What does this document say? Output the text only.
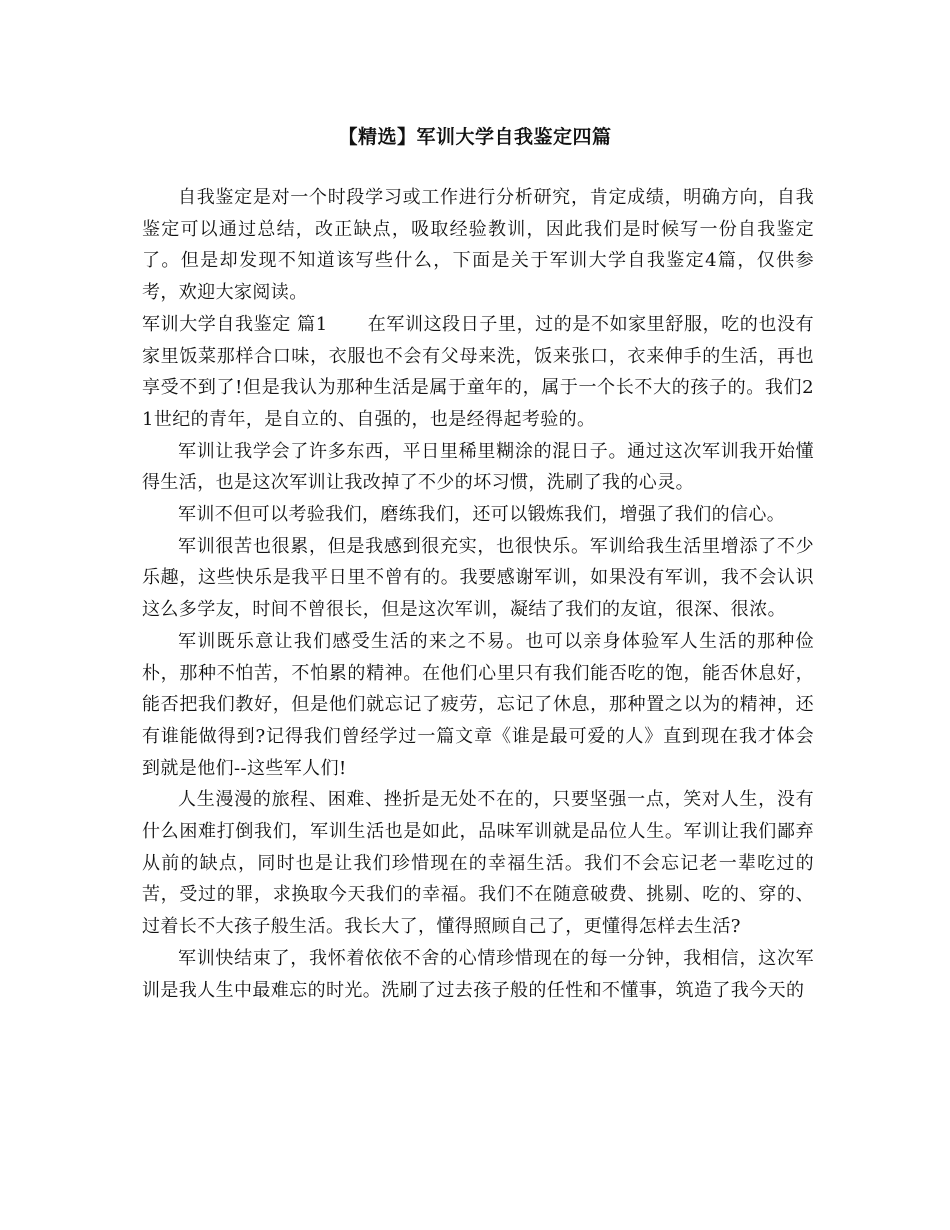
【精选】军训大学自我鉴定四篇

自我鉴定是对一个时段学习或工作进行分析研究，肯定成绩，明确方向，自我鉴定可以通过总结，改正缺点，吸取经验教训，因此我们是时候写一份自我鉴定了。但是却发现不知道该写些什么，下面是关于军训大学自我鉴定4篇，仅供参考，欢迎大家阅读。

军训大学自我鉴定 篇1 在军训这段日子里，过的是不如家里舒服，吃的也没有家里饭菜那样合口味，衣服也不会有父母来洗，饭来张口，衣来伸手的生活，再也享受不到了!但是我认为那种生活是属于童年的，属于一个长不大的孩子的。我们21世纪的青年，是自立的、自强的，也是经得起考验的。

军训让我学会了许多东西，平日里稀里糊涂的混日子。通过这次军训我开始懂得生活，也是这次军训让我改掉了不少的坏习惯，洗刷了我的心灵。

军训不但可以考验我们，磨练我们，还可以锻炼我们，增强了我们的信心。

军训很苦也很累，但是我感到很充实，也很快乐。军训给我生活里增添了不少乐趣，这些快乐是我平日里不曾有的。我要感谢军训，如果没有军训，我不会认识这么多学友，时间不曾很长，但是这次军训，凝结了我们的友谊，很深、很浓。

军训既乐意让我们感受生活的来之不易。也可以亲身体验军人生活的那种俭朴，那种不怕苦，不怕累的精神。在他们心里只有我们能否吃的饱，能否休息好，能否把我们教好，但是他们就忘记了疲劳，忘记了休息，那种置之以为的精神，还有谁能做得到?记得我们曾经学过一篇文章《谁是最可爱的人》直到现在我才体会到就是他们--这些军人们!

人生漫漫的旅程、困难、挫折是无处不在的，只要坚强一点，笑对人生，没有什么困难打倒我们，军训生活也是如此，品味军训就是品位人生。军训让我们鄙弃从前的缺点，同时也是让我们珍惜现在的幸福生活。我们不会忘记老一辈吃过的苦，受过的罪，求换取今天我们的幸福。我们不在随意破费、挑剔、吃的、穿的、过着长不大孩子般生活。我长大了，懂得照顾自己了，更懂得怎样去生活?

军训快结束了，我怀着依依不舍的心情珍惜现在的每一分钟，我相信，这次军训是我人生中最难忘的时光。洗刷了过去孩子般的任性和不懂事，筑造了我今天的
